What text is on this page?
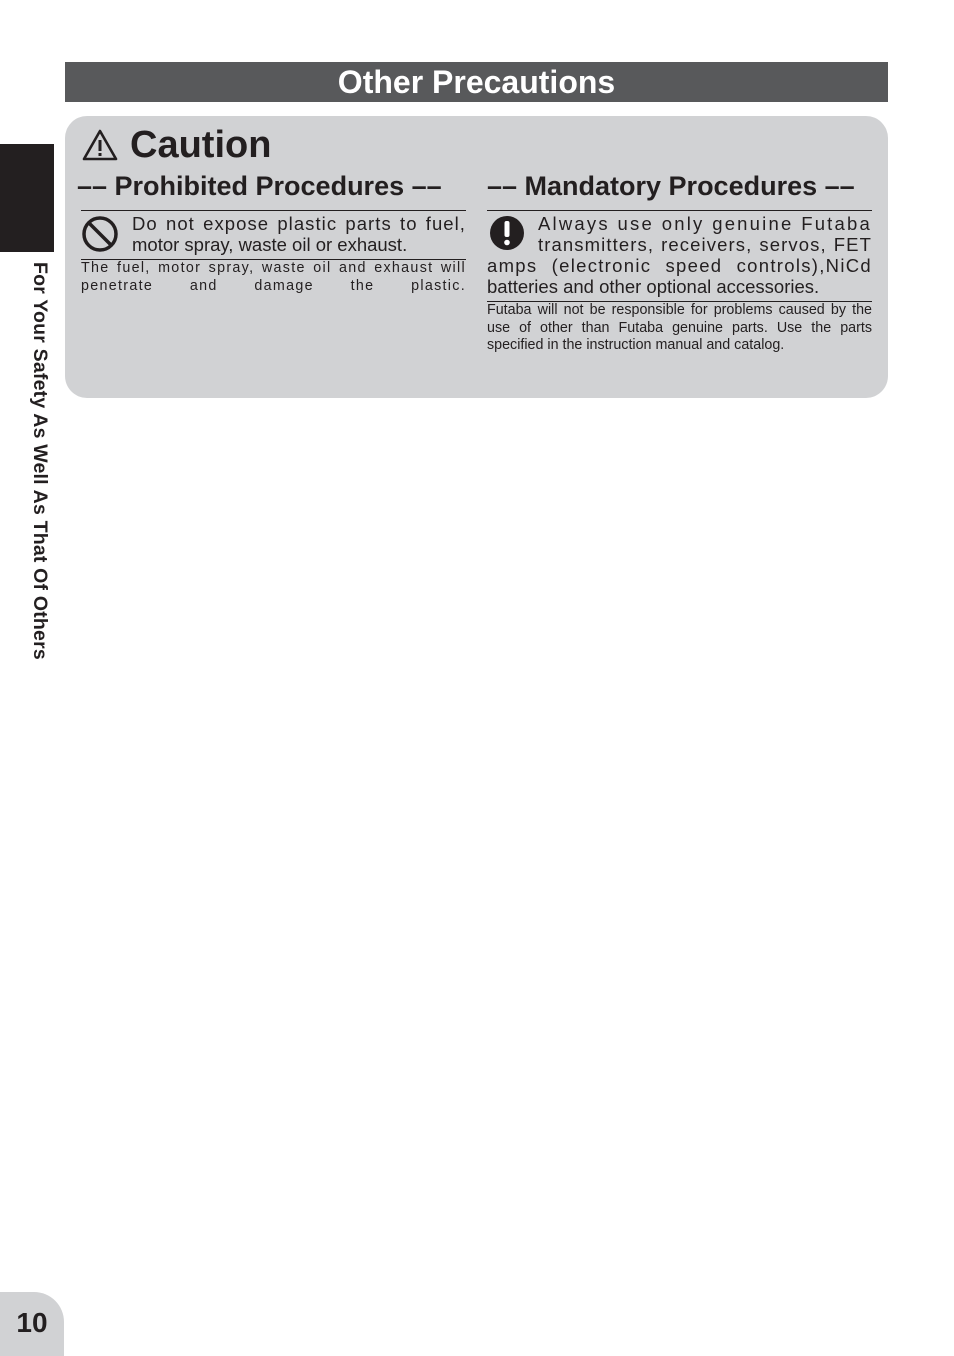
Other Precautions
For Your Safety As Well As That Of Others
Caution
–– Prohibited Procedures ––
Do not expose plastic parts to fuel,
motor spray, waste oil or exhaust.
The fuel, motor spray, waste oil and exhaust will penetrate and damage the plastic.
–– Mandatory Procedures ––
Always use only genuine Futaba
transmitters, receivers, servos, FET
amps (electronic speed controls),NiCd
batteries and other optional accessories.
Futaba will not be responsible for problems caused by the use of other than Futaba genuine parts. Use the parts specified in the instruction manual and catalog.
10
